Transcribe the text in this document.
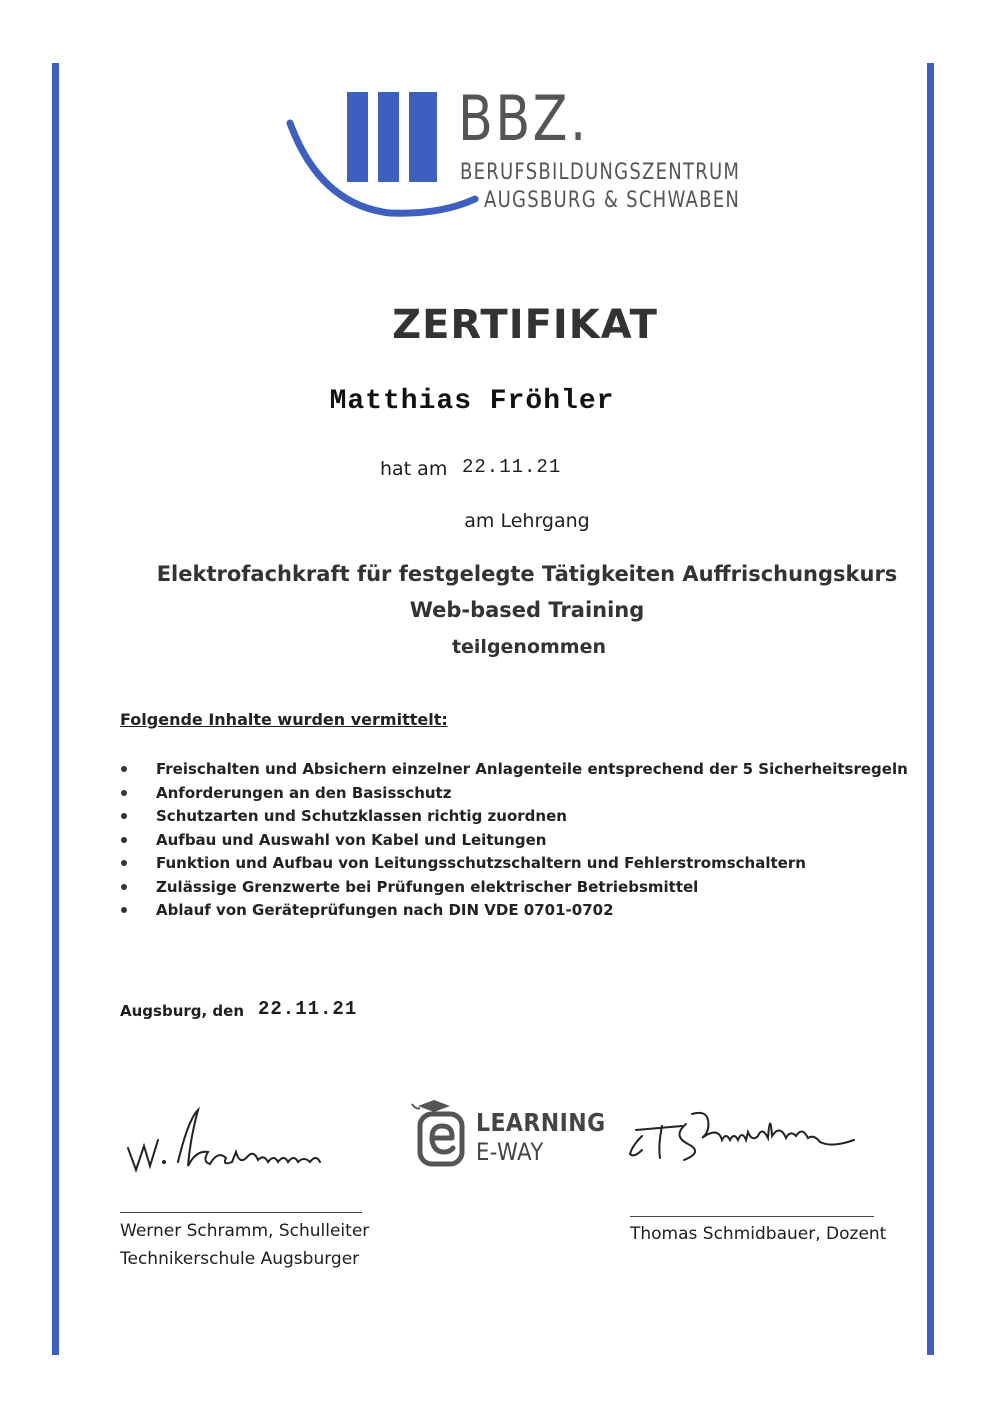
BBZ.
BERUFSBILDUNGSZENTRUM
AUGSBURG & SCHWABEN
ZERTIFIKAT
Matthias Fröhler
hat am 22.11.21
am Lehrgang
Elektrofachkraft für festgelegte Tätigkeiten Auffrischungskurs
Web-based Training
teilgenommen
Folgende Inhalte wurden vermittelt:
Freischalten und Absichern einzelner Anlagenteile entsprechend der 5 Sicherheitsregeln
Anforderungen an den Basisschutz
Schutzarten und Schutzklassen richtig zuordnen
Aufbau und Auswahl von Kabel und Leitungen
Funktion und Aufbau von Leitungsschutzschaltern und Fehlerstromschaltern
Zulässige Grenzwerte bei Prüfungen elektrischer Betriebsmittel
Ablauf von Geräteprüfungen nach DIN VDE 0701-0702
Augsburg, den 22.11.21
Werner Schramm, Schulleiter
Technikerschule Augsburger
LEARNING
E-WAY
Thomas Schmidbauer, Dozent
